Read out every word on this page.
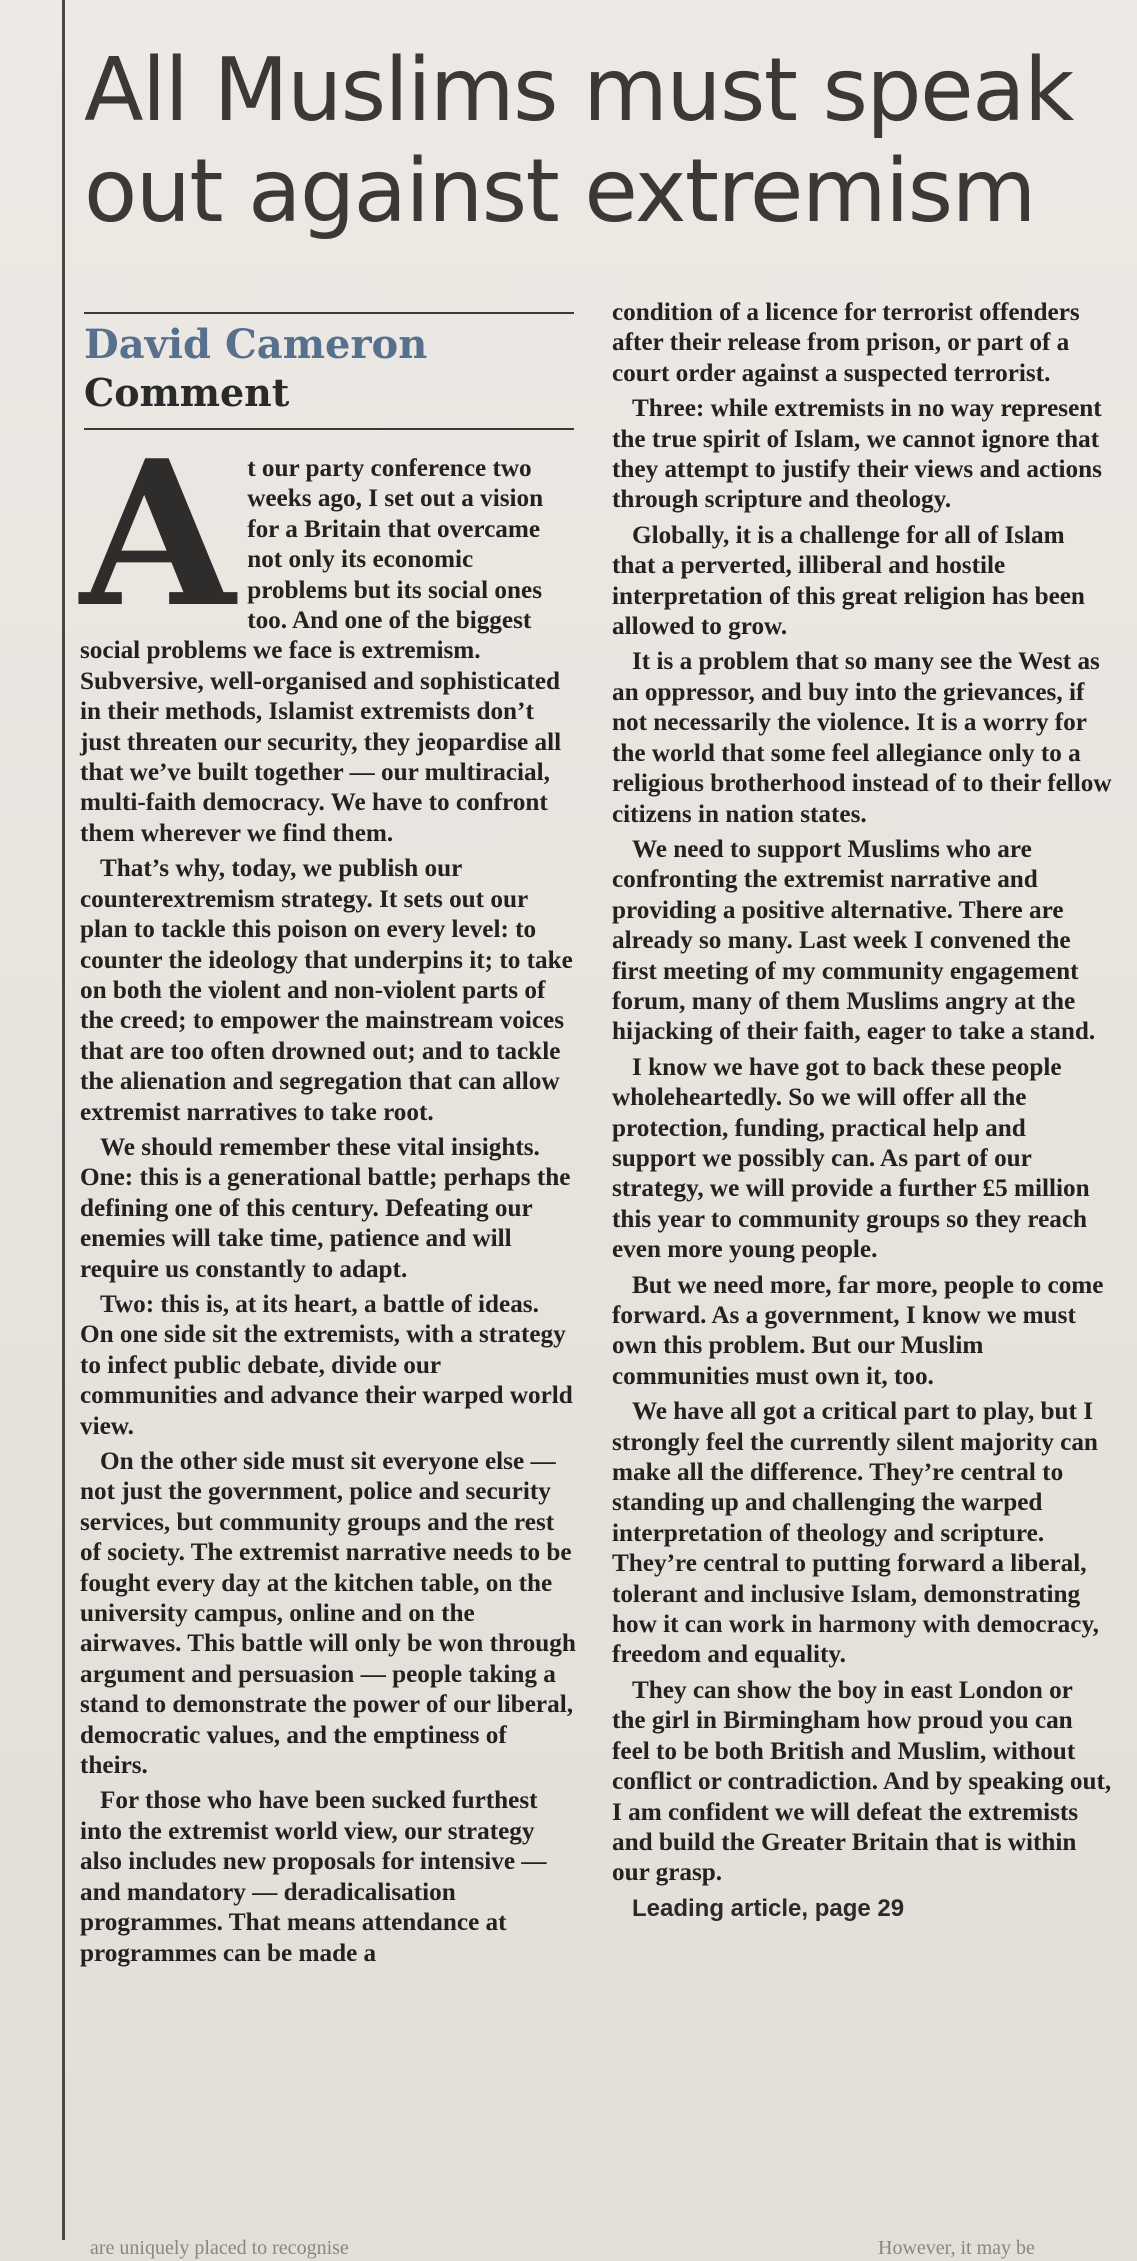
All Muslims must speak out against extremism
David Cameron
Comment

At our party conference two weeks ago, I set out a vision for a Britain that overcame not only its economic problems but its social ones too. And one of the biggest social problems we face is extremism. Subversive, well-organised and sophisticated in their methods, Islamist extremists don’t just threaten our security, they jeopardise all that we’ve built together — our multiracial, multi-faith democracy. We have to confront them wherever we find them.

That’s why, today, we publish our counterextremism strategy. It sets out our plan to tackle this poison on every level: to counter the ideology that underpins it; to take on both the violent and non-violent parts of the creed; to empower the mainstream voices that are too often drowned out; and to tackle the alienation and segregation that can allow extremist narratives to take root.

We should remember these vital insights. One: this is a generational battle; perhaps the defining one of this century. Defeating our enemies will take time, patience and will require us constantly to adapt.

Two: this is, at its heart, a battle of ideas. On one side sit the extremists, with a strategy to infect public debate, divide our communities and advance their warped world view.

On the other side must sit everyone else — not just the government, police and security services, but community groups and the rest of society. The extremist narrative needs to be fought every day at the kitchen table, on the university campus, online and on the airwaves. This battle will only be won through argument and persuasion — people taking a stand to demonstrate the power of our liberal, democratic values, and the emptiness of theirs.

For those who have been sucked furthest into the extremist world view, our strategy also includes new proposals for intensive — and mandatory — deradicalisation programmes. That means attendance at programmes can be made a

condition of a licence for terrorist offenders after their release from prison, or part of a court order against a suspected terrorist.

Three: while extremists in no way represent the true spirit of Islam, we cannot ignore that they attempt to justify their views and actions through scripture and theology.

Globally, it is a challenge for all of Islam that a perverted, illiberal and hostile interpretation of this great religion has been allowed to grow.

It is a problem that so many see the West as an oppressor, and buy into the grievances, if not necessarily the violence. It is a worry for the world that some feel allegiance only to a religious brotherhood instead of to their fellow citizens in nation states.

We need to support Muslims who are confronting the extremist narrative and providing a positive alternative. There are already so many. Last week I convened the first meeting of my community engagement forum, many of them Muslims angry at the hijacking of their faith, eager to take a stand.

I know we have got to back these people wholeheartedly. So we will offer all the protection, funding, practical help and support we possibly can. As part of our strategy, we will provide a further £5 million this year to community groups so they reach even more young people.

But we need more, far more, people to come forward. As a government, I know we must own this problem. But our Muslim communities must own it, too.

We have all got a critical part to play, but I strongly feel the currently silent majority can make all the difference. They’re central to standing up and challenging the warped interpretation of theology and scripture. They’re central to putting forward a liberal, tolerant and inclusive Islam, demonstrating how it can work in harmony with democracy, freedom and equality.

They can show the boy in east London or the girl in Birmingham how proud you can feel to be both British and Muslim, without conflict or contradiction. And by speaking out, I am confident we will defeat the extremists and build the Greater Britain that is within our grasp.

Leading article, page 29

are uniquely placed to recognise	However, it may be
